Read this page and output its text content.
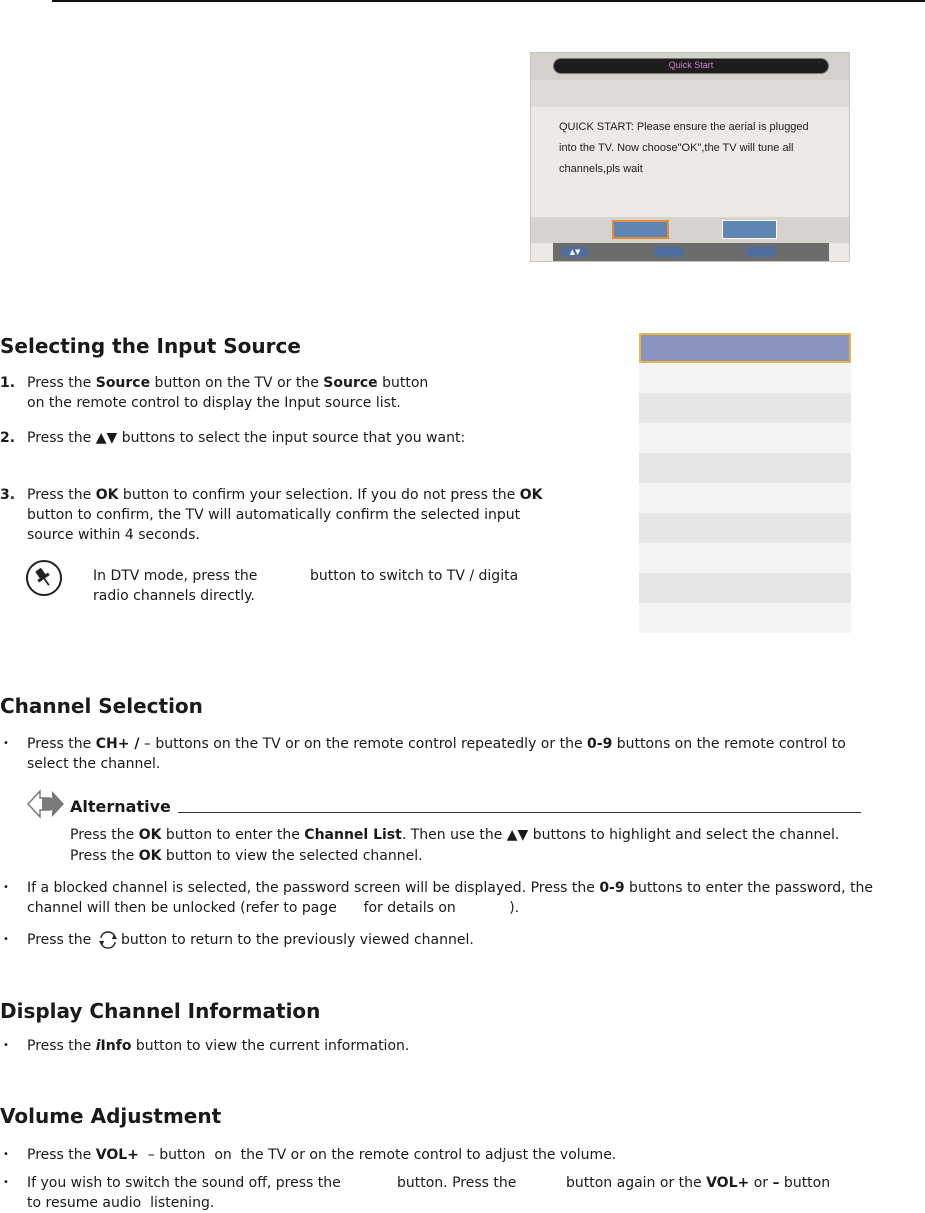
Quick Start
QUICK START: Please ensure the aerial is plugged
into the TV. Now choose"OK",the TV will tune all
channels,pls wait
▲▼
Selecting the Input Source
1. Press the Source button on the TV or the Source button
on the remote control to display the Input source list.
2. Press the ▲▼ buttons to select the input source that you want:
3. Press the OK button to confirm your selection. If you do not press the OK
button to confirm, the TV will automatically confirm the selected input
source within 4 seconds.
In DTV mode, press the	button to switch to TV / digita
radio channels directly.
Channel Selection
• Press the CH+ / – buttons on the TV or on the remote control repeatedly or the 0-9 buttons on the remote control to
select the channel.
Alternative
Press the OK button to enter the Channel List. Then use the ▲▼ buttons to highlight and select the channel.
Press the OK button to view the selected channel.
• If a blocked channel is selected, the password screen will be displayed. Press the 0-9 buttons to enter the password, the
channel will then be unlocked (refer to page      for details on            ).
• Press the button to return to the previously viewed channel.
Display Channel Information
• Press the iInfo button to view the current information.
Volume Adjustment
• Press the VOL+  – button  on  the TV or on the remote control to adjust the volume.
• If you wish to switch the sound off, press the	button. Press the	button again or the VOL+ or – button
to resume audio  listening.
